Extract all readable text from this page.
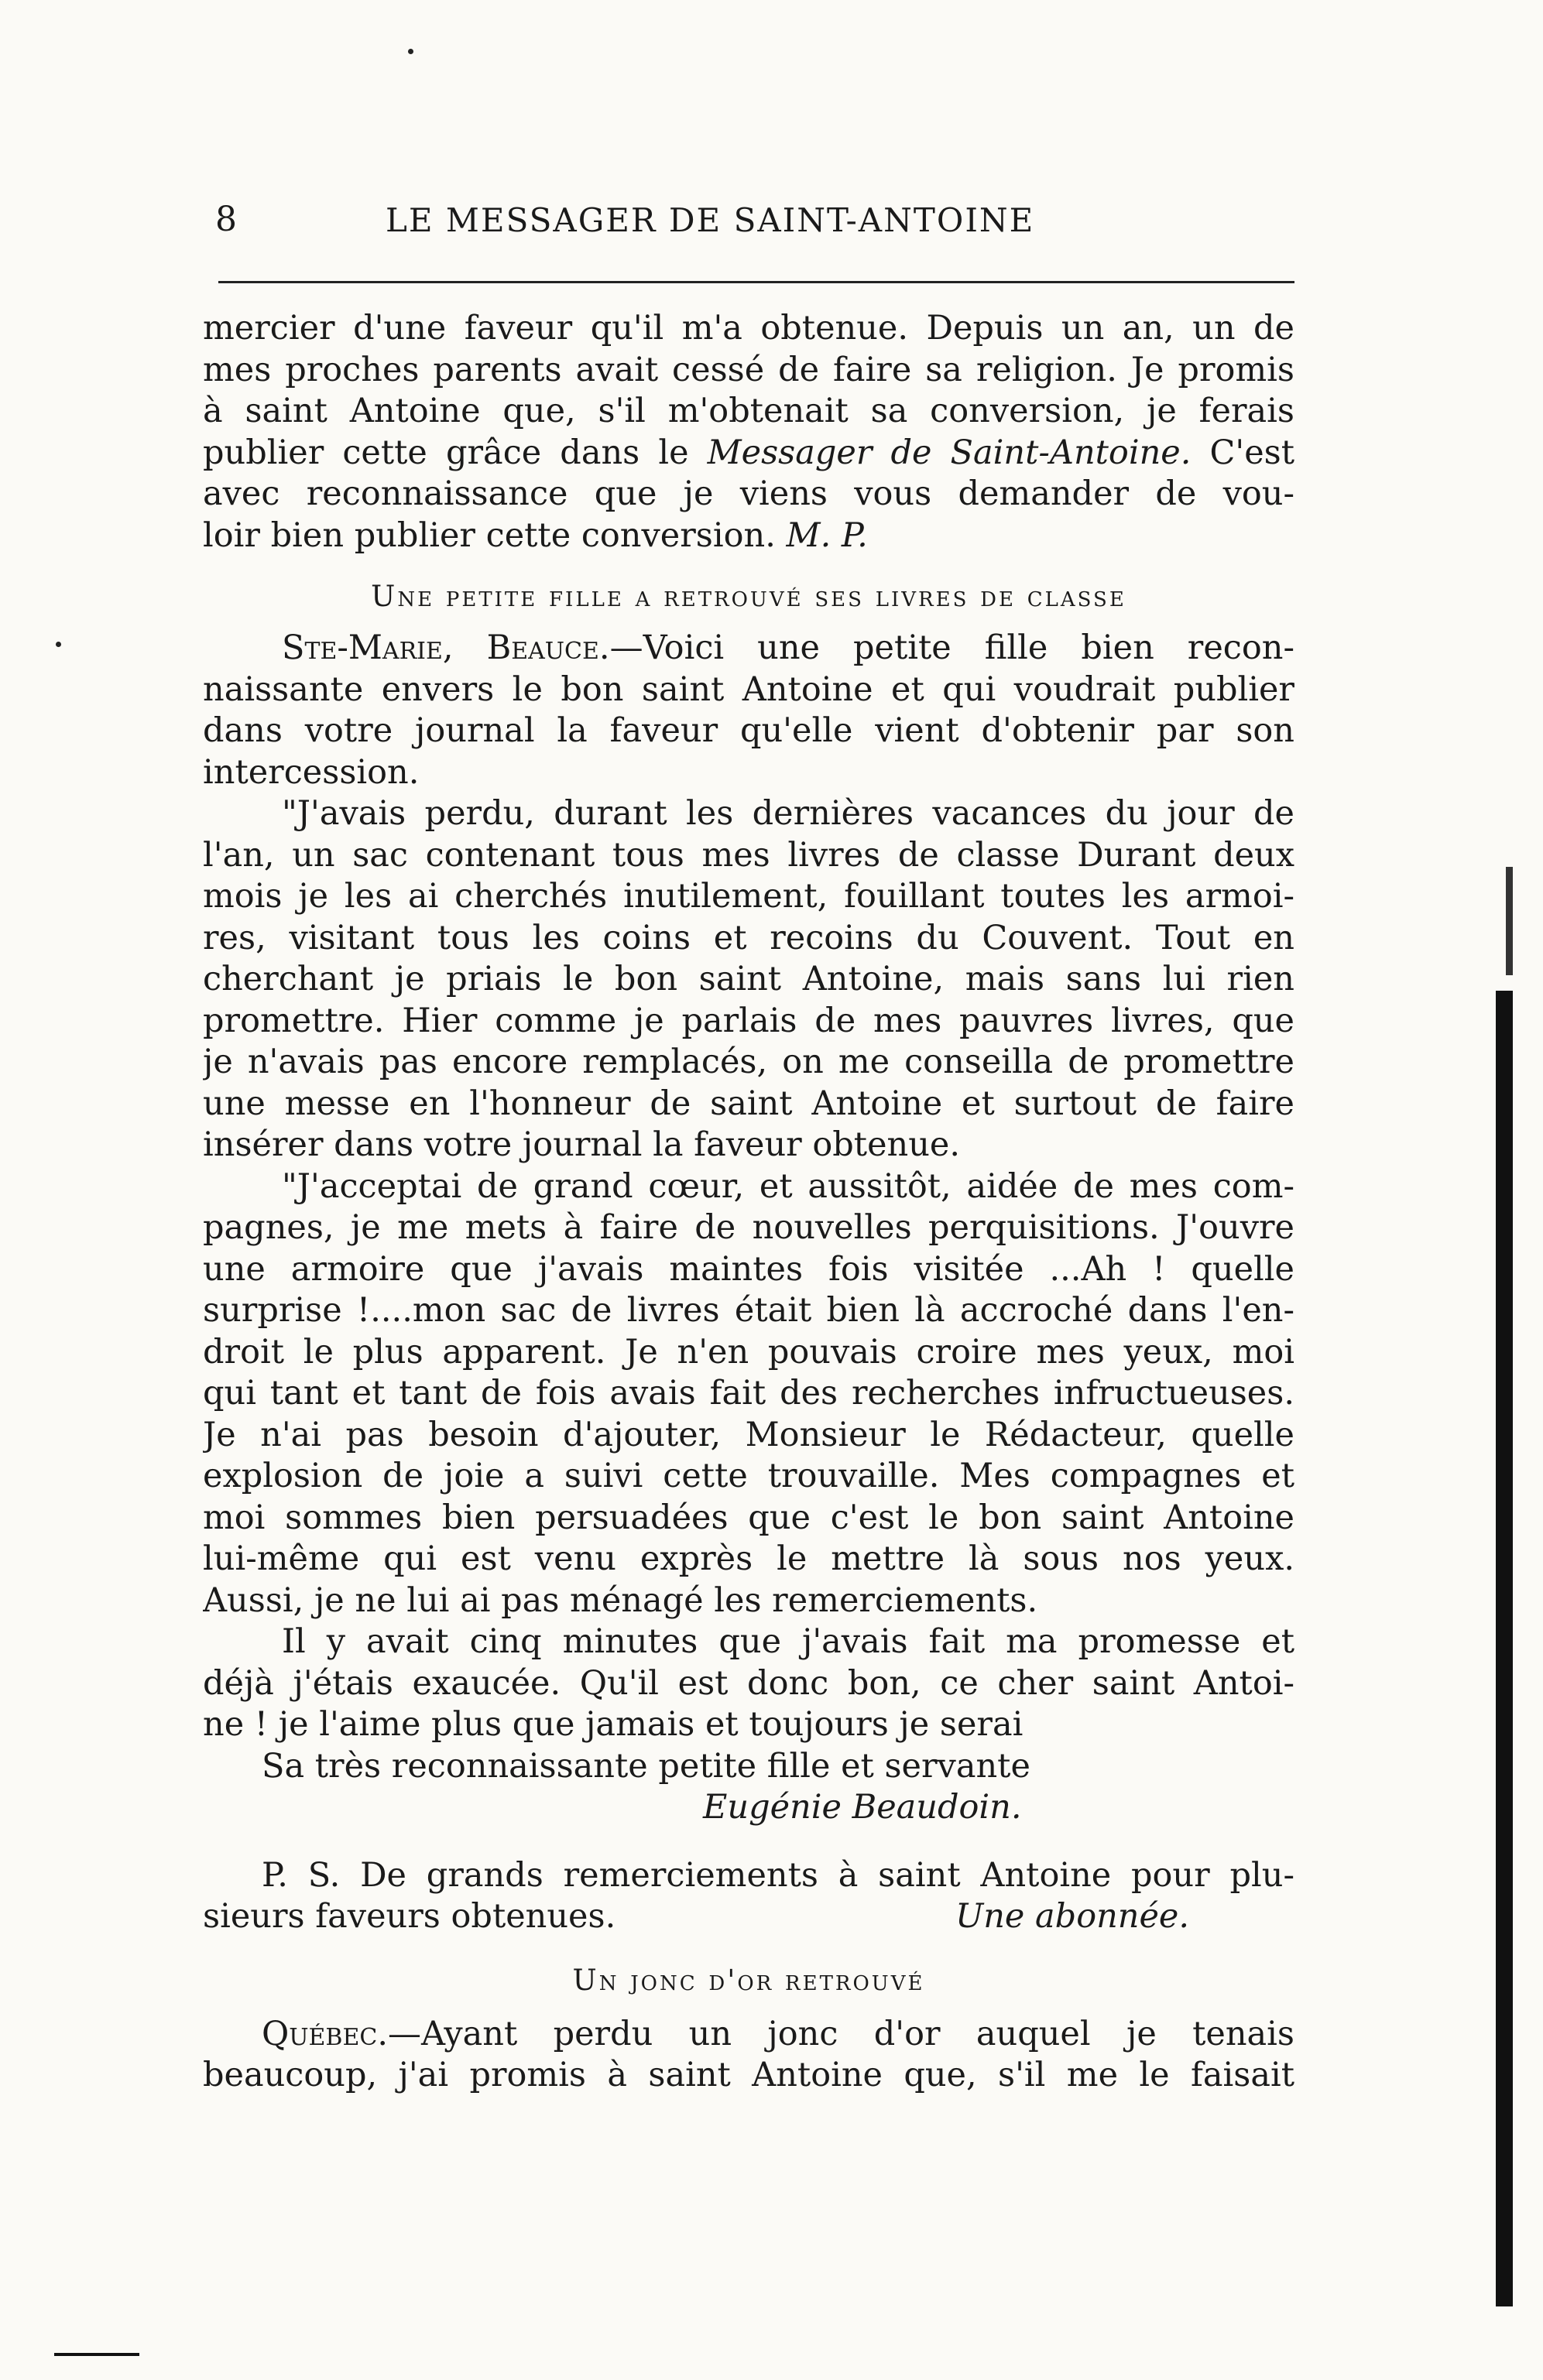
8	LE MESSAGER DE SAINT-ANTOINE
mercier d'une faveur qu'il m'a obtenue. Depuis un an, un de
mes proches parents avait cessé de faire sa religion. Je promis
à saint Antoine que, s'il m'obtenait sa conversion, je ferais
publier cette grâce dans le Messager de Saint-Antoine. C'est
avec reconnaissance que je viens vous demander de vou-
loir bien publier cette conversion. M. P.
Une petite fille a retrouvé ses livres de classe
Ste-Marie, Beauce.—Voici une petite fille bien recon-
naissante envers le bon saint Antoine et qui voudrait publier
dans votre journal la faveur qu'elle vient d'obtenir par son
intercession.
"J'avais perdu, durant les dernières vacances du jour de
l'an, un sac contenant tous mes livres de classe Durant deux
mois je les ai cherchés inutilement, fouillant toutes les armoi-
res, visitant tous les coins et recoins du Couvent. Tout en
cherchant je priais le bon saint Antoine, mais sans lui rien
promettre. Hier comme je parlais de mes pauvres livres, que
je n'avais pas encore remplacés, on me conseilla de promettre
une messe en l'honneur de saint Antoine et surtout de faire
insérer dans votre journal la faveur obtenue.
"J'acceptai de grand cœur, et aussitôt, aidée de mes com-
pagnes, je me mets à faire de nouvelles perquisitions. J'ouvre
une armoire que j'avais maintes fois visitée ...Ah ! quelle
surprise !....mon sac de livres était bien là accroché dans l'en-
droit le plus apparent. Je n'en pouvais croire mes yeux, moi
qui tant et tant de fois avais fait des recherches infructueuses.
Je n'ai pas besoin d'ajouter, Monsieur le Rédacteur, quelle
explosion de joie a suivi cette trouvaille. Mes compagnes et
moi sommes bien persuadées que c'est le bon saint Antoine
lui-même qui est venu exprès le mettre là sous nos yeux.
Aussi, je ne lui ai pas ménagé les remerciements.
Il y avait cinq minutes que j'avais fait ma promesse et
déjà j'étais exaucée. Qu'il est donc bon, ce cher saint Antoi-
ne ! je l'aime plus que jamais et toujours je serai
Sa très reconnaissante petite fille et servante
Eugénie Beaudoin.
P. S. De grands remerciements à saint Antoine pour plu-
sieurs faveurs obtenues.	Une abonnée.
Un jonc d'or retrouvé
Québec.—Ayant perdu un jonc d'or auquel je tenais
beaucoup, j'ai promis à saint Antoine que, s'il me le faisait
